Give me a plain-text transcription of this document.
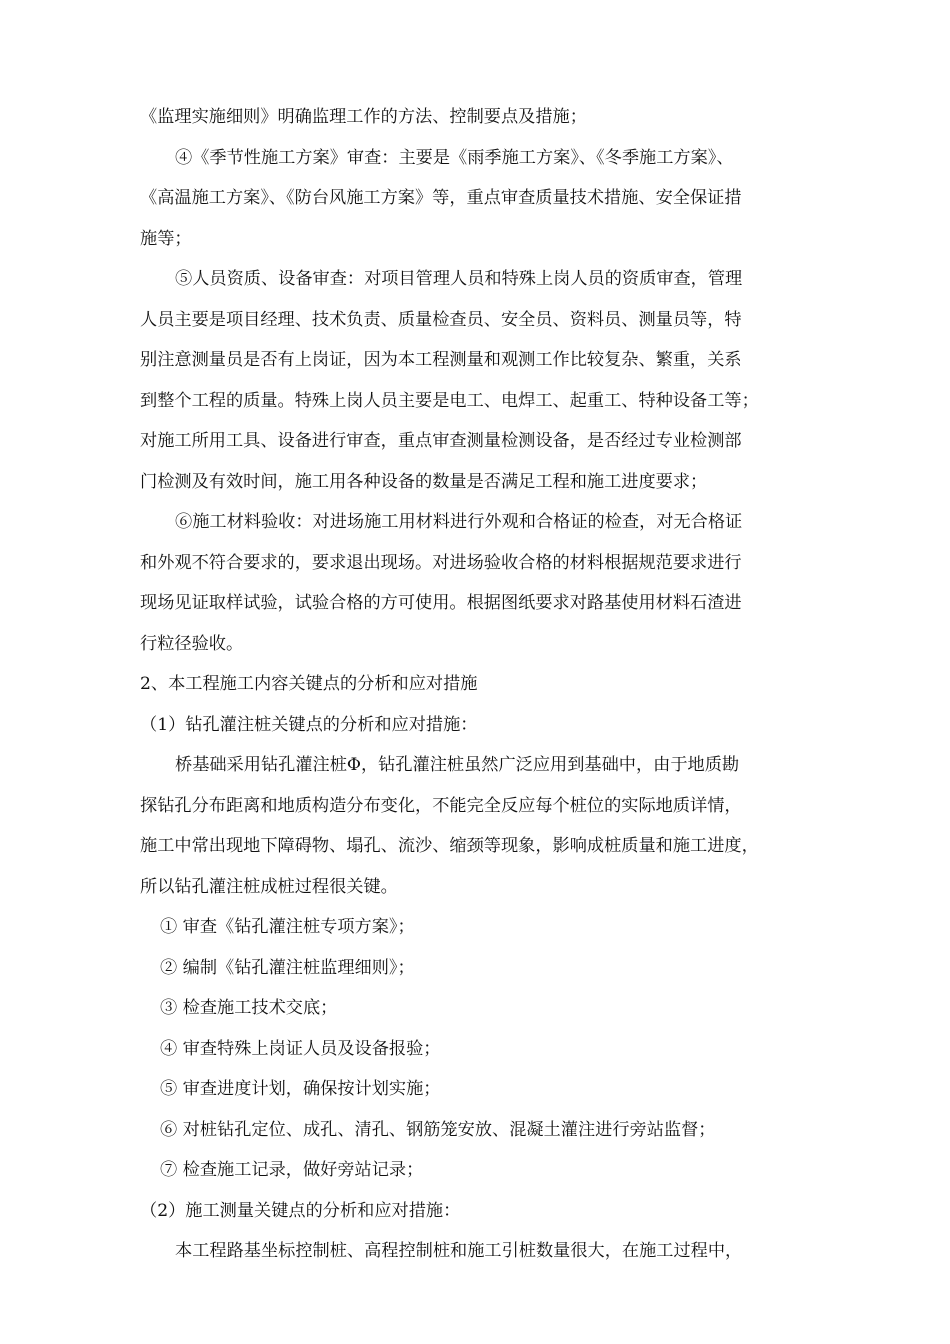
《监理实施细则》明确监理工作的方法、控制要点及措施；
④《季节性施工方案》审查：主要是《雨季施工方案》、《冬季施工方案》、
《高温施工方案》、《防台风施工方案》等，重点审查质量技术措施、安全保证措
施等；
⑤人员资质、设备审查：对项目管理人员和特殊上岗人员的资质审查，管理
人员主要是项目经理、技术负责、质量检查员、安全员、资料员、测量员等，特
别注意测量员是否有上岗证，因为本工程测量和观测工作比较复杂、繁重，关系
到整个工程的质量。特殊上岗人员主要是电工、电焊工、起重工、特种设备工等；
对施工所用工具、设备进行审查，重点审查测量检测设备，是否经过专业检测部
门检测及有效时间，施工用各种设备的数量是否满足工程和施工进度要求；
⑥施工材料验收：对进场施工用材料进行外观和合格证的检查，对无合格证
和外观不符合要求的，要求退出现场。对进场验收合格的材料根据规范要求进行
现场见证取样试验，试验合格的方可使用。根据图纸要求对路基使用材料石渣进
行粒径验收。
2、本工程施工内容关键点的分析和应对措施
（1）钻孔灌注桩关键点的分析和应对措施：
桥基础采用钻孔灌注桩Φ，钻孔灌注桩虽然广泛应用到基础中，由于地质勘
探钻孔分布距离和地质构造分布变化，不能完全反应每个桩位的实际地质详情，
施工中常出现地下障碍物、塌孔、流沙、缩颈等现象，影响成桩质量和施工进度，
所以钻孔灌注桩成桩过程很关键。
① 审查《钻孔灌注桩专项方案》；
② 编制《钻孔灌注桩监理细则》；
③ 检查施工技术交底；
④ 审查特殊上岗证人员及设备报验；
⑤ 审查进度计划，确保按计划实施；
⑥ 对桩钻孔定位、成孔、清孔、钢筋笼安放、混凝土灌注进行旁站监督；
⑦ 检查施工记录，做好旁站记录；
（2）施工测量关键点的分析和应对措施：
本工程路基坐标控制桩、高程控制桩和施工引桩数量很大，在施工过程中，
